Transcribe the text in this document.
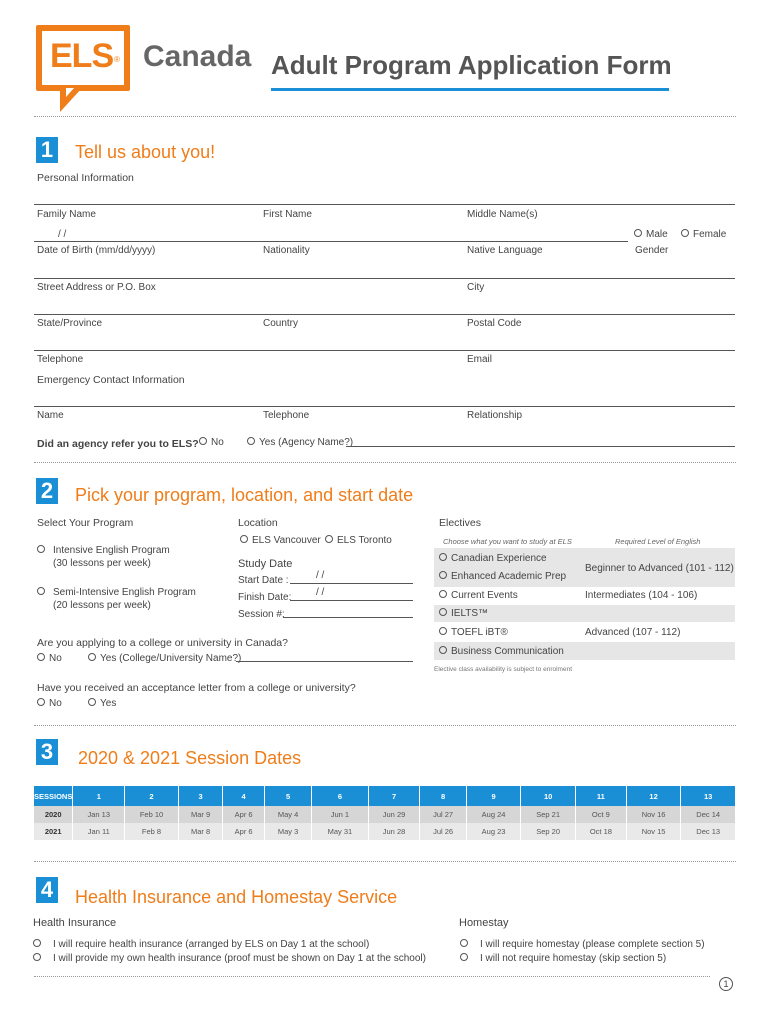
ELS ® Canada Adult Program Application Form
1 Tell us about you!
Personal Information
Family Name	First Name	Middle Name(s)
/ /
Date of Birth (mm/dd/yyyy)	Nationality	Native Language
Male	Female
Gender
Street Address or P.O. Box	City
State/Province	Country	Postal Code
Telephone	Email
Emergency Contact Information
Name	Telephone	Relationship
Did an agency refer you to ELS?	No	Yes (Agency Name?)
2 Pick your program, location, and start date
Select Your Program
Intensive English Program
(30 lessons per week)
Semi-Intensive English Program
(20 lessons per week)
Location
ELS Vancouver	ELS Toronto
Study Date
Start Date :	/ /
Finish Date: / /
Session #:
Electives
Choose what you want to study at ELS	Required Level of English
Canadian Experience
Enhanced Academic Prep
Beginner to Advanced (101 - 112)
Current Events	Intermediates (104 - 106)
IELTS™
TOEFL iBT®	Advanced (107 - 112)
Business Communication
Elective class availability is subject to enrolment
Are you applying to a college or university in Canada?
No	Yes (College/University Name?)
Have you received an acceptance letter from a college or university?
No	Yes
3 2020 & 2021 Session Dates
SESSIONS	1	2	3	4	5	6	7	8	9	10	11	12	13
2020	Jan 13	Feb 10	Mar 9	Apr 6	May 4	Jun 1	Jun 29	Jul 27	Aug 24	Sep 21	Oct 9	Nov 16	Dec 14
2021	Jan 11	Feb 8	Mar 8	Apr 6	May 3	May 31	Jun 28	Jul 26	Aug 23	Sep 20	Oct 18	Nov 15	Dec 13
4 Health Insurance and Homestay Service
Health Insurance
I will require health insurance (arranged by ELS on Day 1 at the school)
I will provide my own health insurance (proof must be shown on Day 1 at the school)
Homestay
I will require homestay (please complete section 5)
I will not require homestay (skip section 5)
1
